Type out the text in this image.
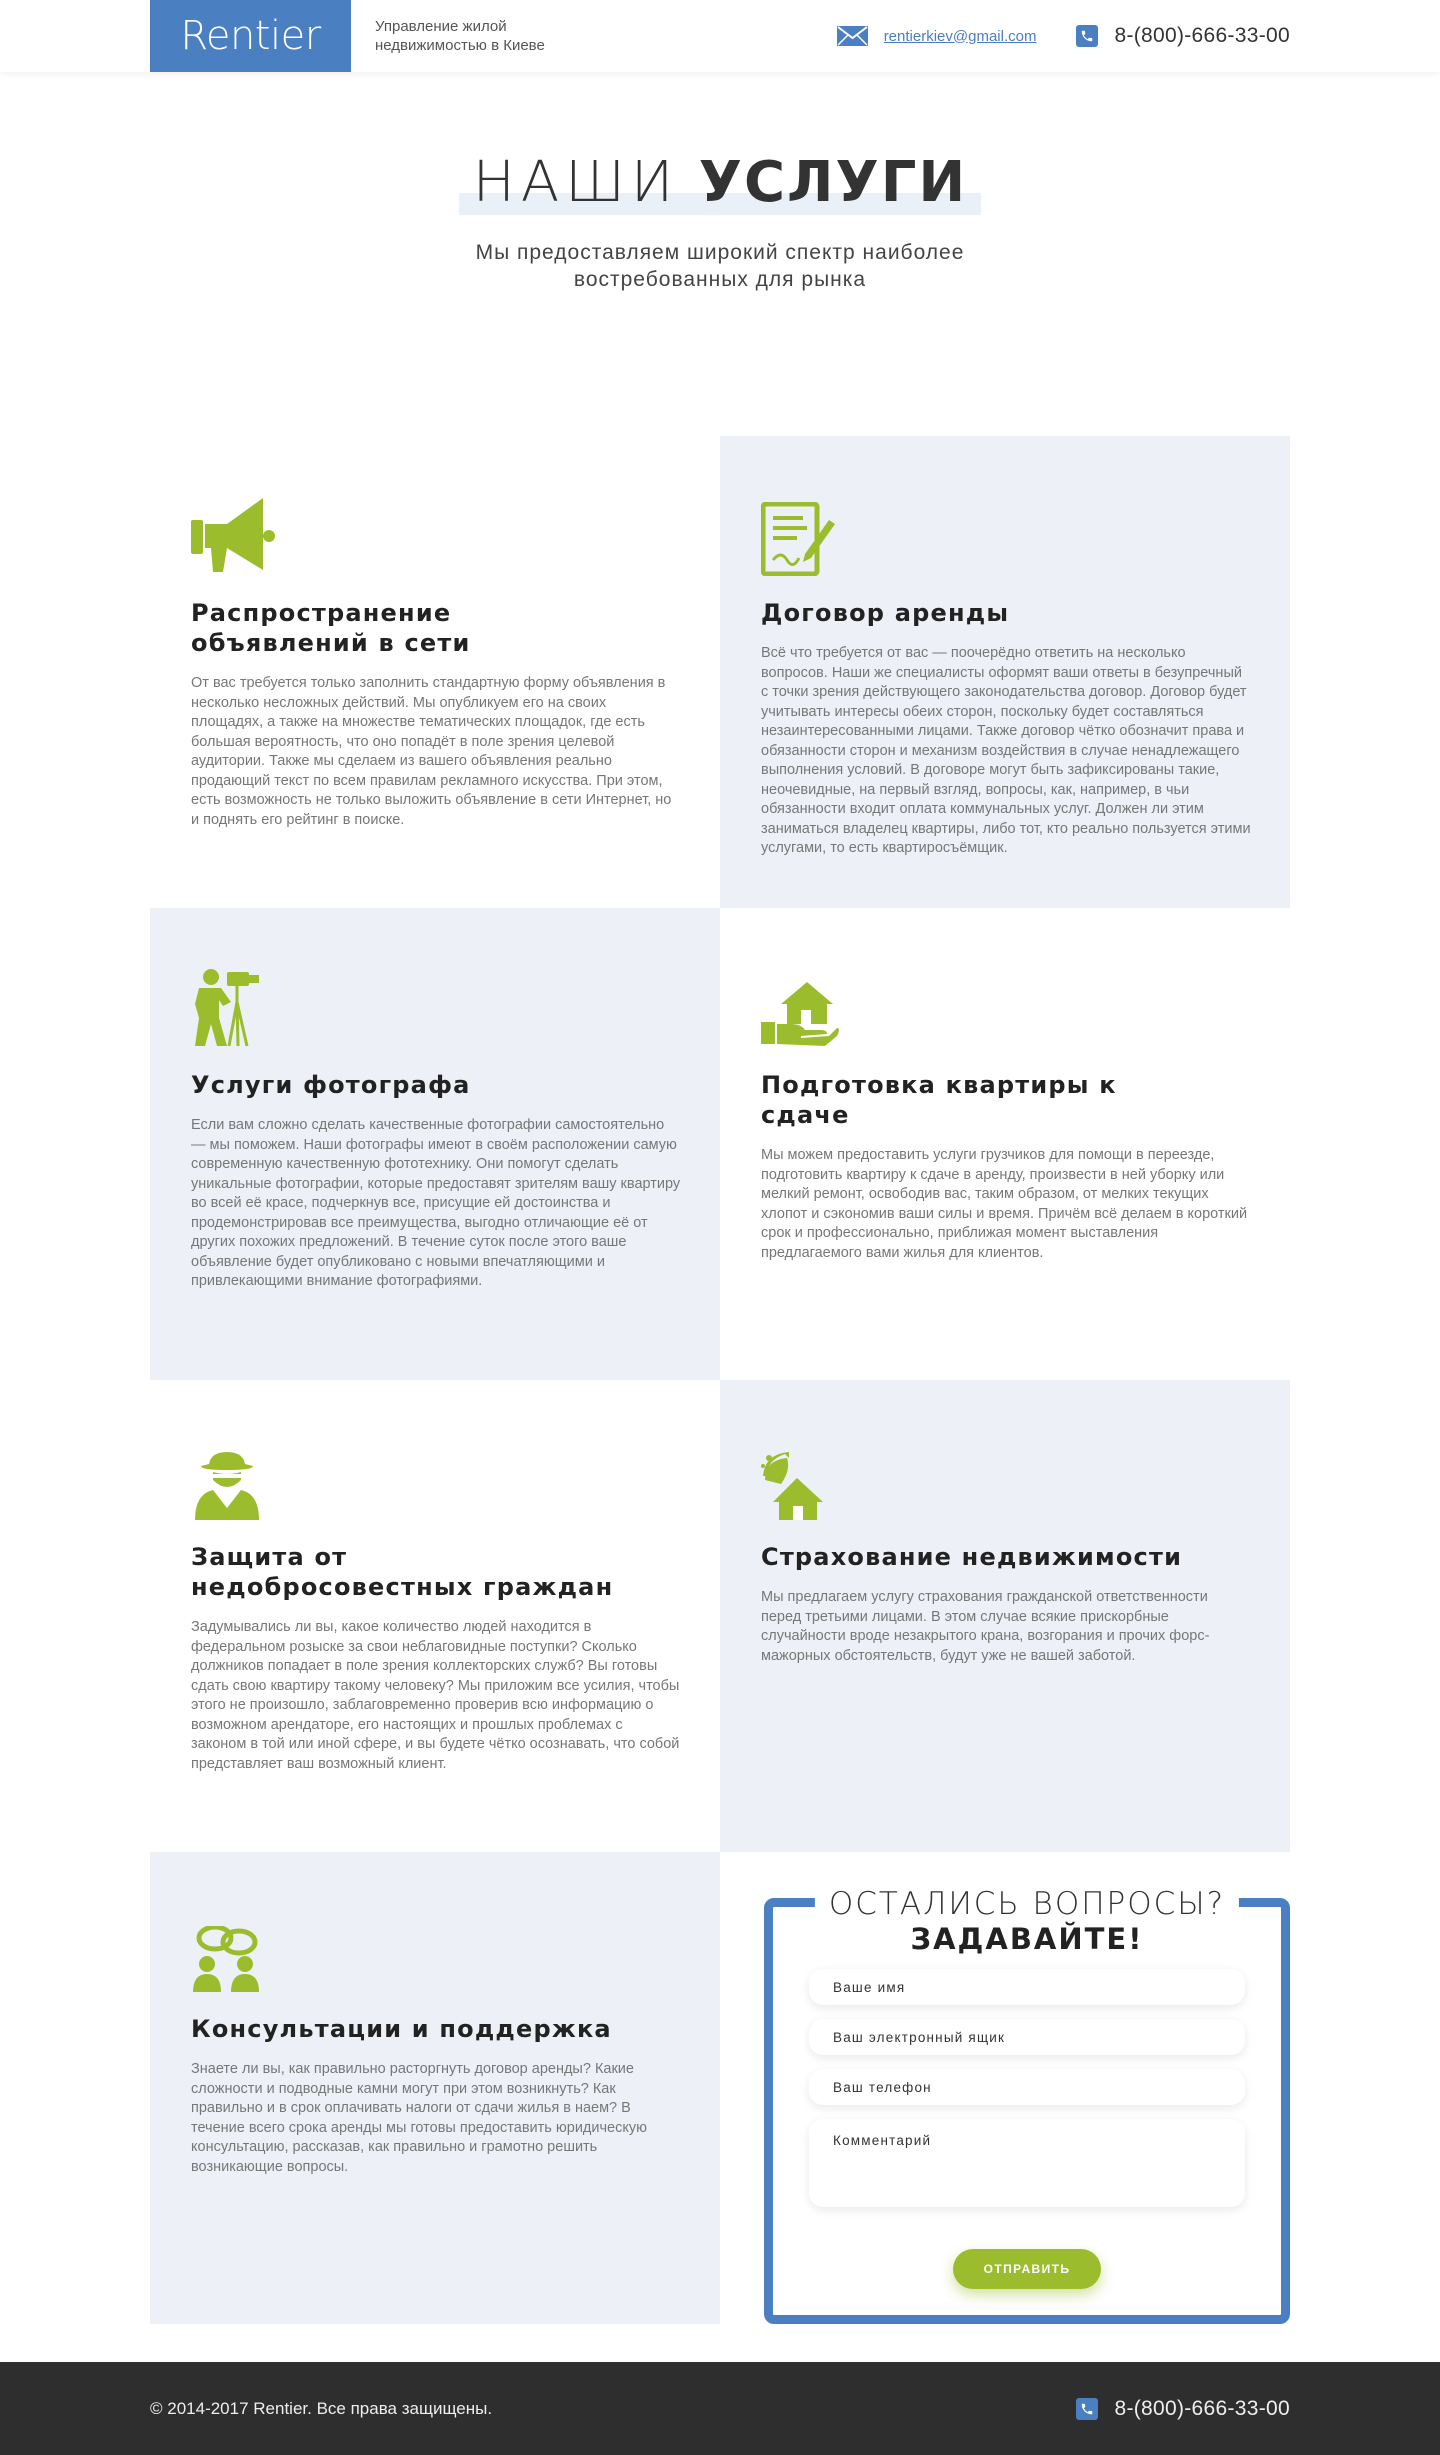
Rentier	Управление жилой недвижимостью в Киеве
rentierkiev@gmail.com	8-(800)-666-33-00
НАШИ УСЛУГИ

Мы предоставляем широкий спектр наиболее востребованных для рынка

Распространение объявлений в сети

От вас требуется только заполнить стандартную форму объявления в несколько несложных действий. Мы опубликуем его на своих площадях, а также на множестве тематических площадок, где есть большая вероятность, что оно попадёт в поле зрения целевой аудитории. Также мы сделаем из вашего объявления реально продающий текст по всем правилам рекламного искусства. При этом, есть возможность не только выложить объявление в сети Интернет, но и поднять его рейтинг в поиске.

Договор аренды

Всё что требуется от вас — поочерёдно ответить на несколько вопросов. Наши же специалисты оформят ваши ответы в безупречный с точки зрения действующего законодательства договор. Договор будет учитывать интересы обеих сторон, поскольку будет составляться незаинтересованными лицами. Также договор чётко обозначит права и обязанности сторон и механизм воздействия в случае ненадлежащего выполнения условий. В договоре могут быть зафиксированы такие, неочевидные, на первый взгляд, вопросы, как, например, в чьи обязанности входит оплата коммунальных услуг. Должен ли этим заниматься владелец квартиры, либо тот, кто реально пользуется этими услугами, то есть квартиросъёмщик.

Услуги фотографа

Если вам сложно сделать качественные фотографии самостоятельно — мы поможем. Наши фотографы имеют в своём расположении самую современную качественную фототехнику. Они помогут сделать уникальные фотографии, которые предоставят зрителям вашу квартиру во всей её красе, подчеркнув все, присущие ей достоинства и продемонстрировав все преимущества, выгодно отличающие её от других похожих предложений. В течение суток после этого ваше объявление будет опубликовано с новыми впечатляющими и привлекающими внимание фотографиями.

Подготовка квартиры к сдаче

Мы можем предоставить услуги грузчиков для помощи в переезде, подготовить квартиру к сдаче в аренду, произвести в ней уборку или мелкий ремонт, освободив вас, таким образом, от мелких текущих хлопот и сэкономив ваши силы и время. Причём всё делаем в короткий срок и профессионально, приближая момент выставления предлагаемого вами жилья для клиентов.

Защита от недобросовестных граждан

Задумывались ли вы, какое количество людей находится в федеральном розыске за свои неблаговидные поступки? Сколько должников попадает в поле зрения коллекторских служб? Вы готовы сдать свою квартиру такому человеку? Мы приложим все усилия, чтобы этого не произошло, заблаговременно проверив всю информацию о возможном арендаторе, его настоящих и прошлых проблемах с законом в той или иной сфере, и вы будете чётко осознавать, что собой представляет ваш возможный клиент.

Страхование недвижимости

Мы предлагаем услугу страхования гражданской ответственности перед третьими лицами. В этом случае всякие прискорбные случайности вроде незакрытого крана, возгорания и прочих форс-мажорных обстоятельств, будут уже не вашей заботой.

Консультации и поддержка

Знаете ли вы, как правильно расторгнуть договор аренды? Какие сложности и подводные камни могут при этом возникнуть? Как правильно и в срок оплачивать налоги от сдачи жилья в наем? В течение всего срока аренды мы готовы предоставить юридическую консультацию, рассказав, как правильно и грамотно решить возникающие вопросы.

ОСТАЛИСЬ ВОПРОСЫ?
ЗАДАВАЙТЕ!
Ваше имя
Ваш электронный ящик
Ваш телефон
Комментарий
ОТПРАВИТЬ
© 2014-2017 Rentier. Все права защищены.	8-(800)-666-33-00
